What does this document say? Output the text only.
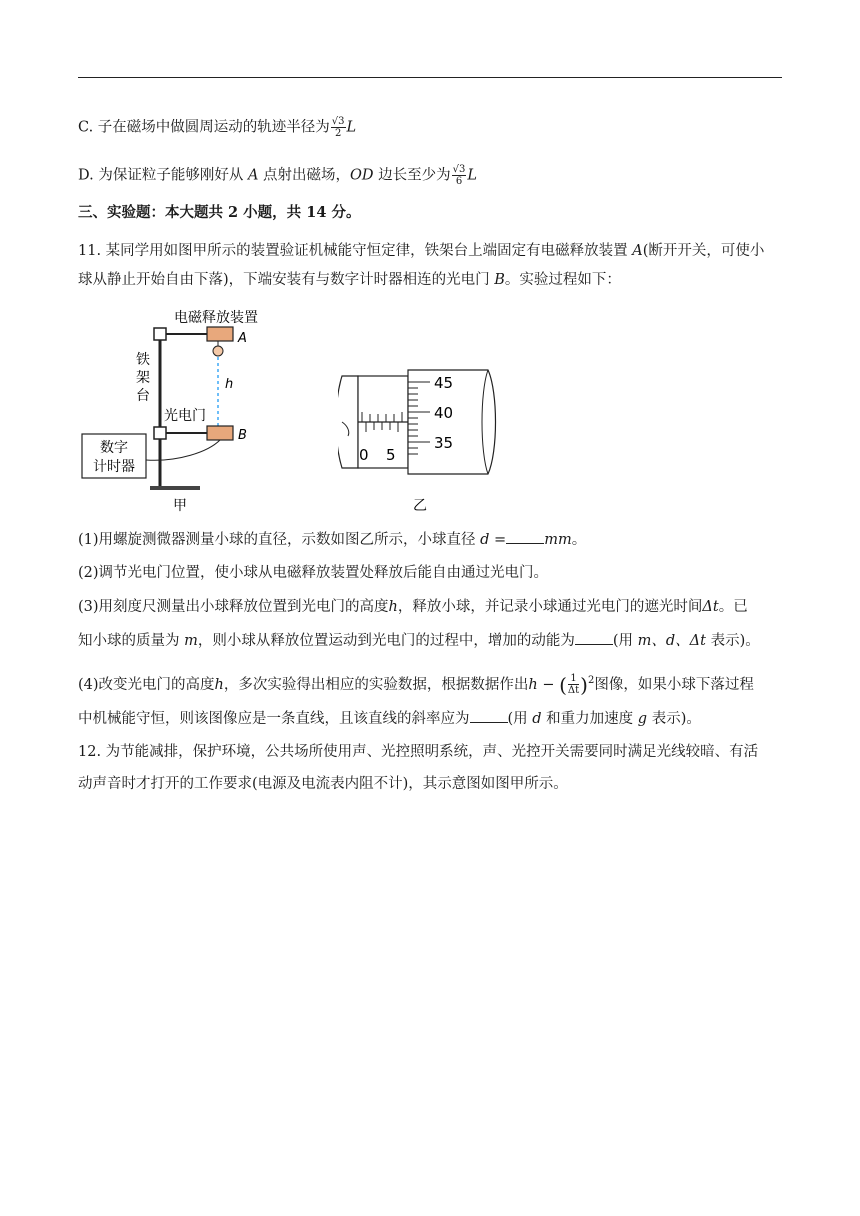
C. 子在磁场中做圆周运动的轨迹半径为 $\frac{√3}{2}$ L
D. 为保证粒子能够刚好从 A 点射出磁场，OD 边长至少为 $\frac{√3}{6}$ L
三、实验题：本大题共 2 小题，共 14 分。
11. 某同学用如图甲所示的装置验证机械能守恒定律，铁架台上端固定有电磁释放装置 A(断开开关，可使小
球从静止开始自由下落)，下端安装有与数字计时器相连的光电门 B。实验过程如下：
A
电磁释放装置
h
铁
架
台
B
光电门
数字
计时器
甲
0 5
45
40
35
乙
(1)用螺旋测微器测量小球的直径，示数如图乙所示，小球直径 d =	mm。
(2)调节光电门位置，使小球从电磁释放装置处释放后能自由通过光电门。
(3)用刻度尺测量出小球释放位置到光电门的高度h，释放小球，并记录小球通过光电门的遮光时间Δt。已
知小球的质量为 m，则小球从释放位置运动到光电门的过程中，增加的动能为	(用 m、d、Δt 表示)。
(4)改变光电门的高度h，多次实验得出相应的实验数据，根据数据作出h − ( $\frac{1}{\Delta t} )^2$图像，如果小球下落过程
中机械能守恒，则该图像应是一条直线，且该直线的斜率应为	(用 d 和重力加速度 g 表示)。
12. 为节能减排，保护环境，公共场所使用声、光控照明系统，声、光控开关需要同时满足光线较暗、有活
动声音时才打开的工作要求(电源及电流表内阻不计)，其示意图如图甲所示。
